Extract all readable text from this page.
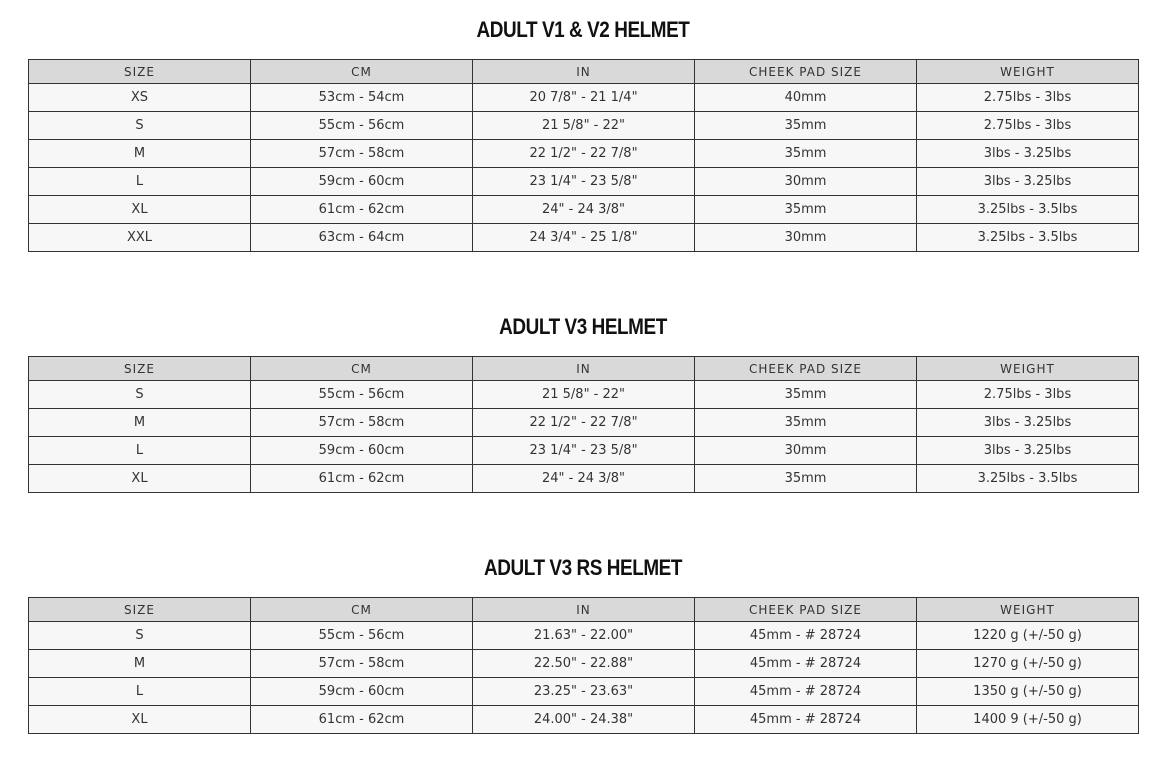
ADULT V1 & V2 HELMET
SIZE	CM	IN	CHEEK PAD SIZE	WEIGHT
XS	53cm - 54cm	20 7/8" - 21 1/4"	40mm	2.75lbs - 3lbs
S	55cm - 56cm	21 5/8" - 22"	35mm	2.75lbs - 3lbs
M	57cm - 58cm	22 1/2" - 22 7/8"	35mm	3lbs - 3.25lbs
L	59cm - 60cm	23 1/4" - 23 5/8"	30mm	3lbs - 3.25lbs
XL	61cm - 62cm	24" - 24 3/8"	35mm	3.25lbs - 3.5lbs
XXL	63cm - 64cm	24 3/4" - 25 1/8"	30mm	3.25lbs - 3.5lbs
ADULT V3 HELMET
SIZE	CM	IN	CHEEK PAD SIZE	WEIGHT
S	55cm - 56cm	21 5/8" - 22"	35mm	2.75lbs - 3lbs
M	57cm - 58cm	22 1/2" - 22 7/8"	35mm	3lbs - 3.25lbs
L	59cm - 60cm	23 1/4" - 23 5/8"	30mm	3lbs - 3.25lbs
XL	61cm - 62cm	24" - 24 3/8"	35mm	3.25lbs - 3.5lbs
ADULT V3 RS HELMET
SIZE	CM	IN	CHEEK PAD SIZE	WEIGHT
S	55cm - 56cm	21.63" - 22.00"	45mm - # 28724	1220 g (+/-50 g)
M	57cm - 58cm	22.50" - 22.88"	45mm - # 28724	1270 g (+/-50 g)
L	59cm - 60cm	23.25" - 23.63"	45mm - # 28724	1350 g (+/-50 g)
XL	61cm - 62cm	24.00" - 24.38"	45mm - # 28724	1400 9 (+/-50 g)
